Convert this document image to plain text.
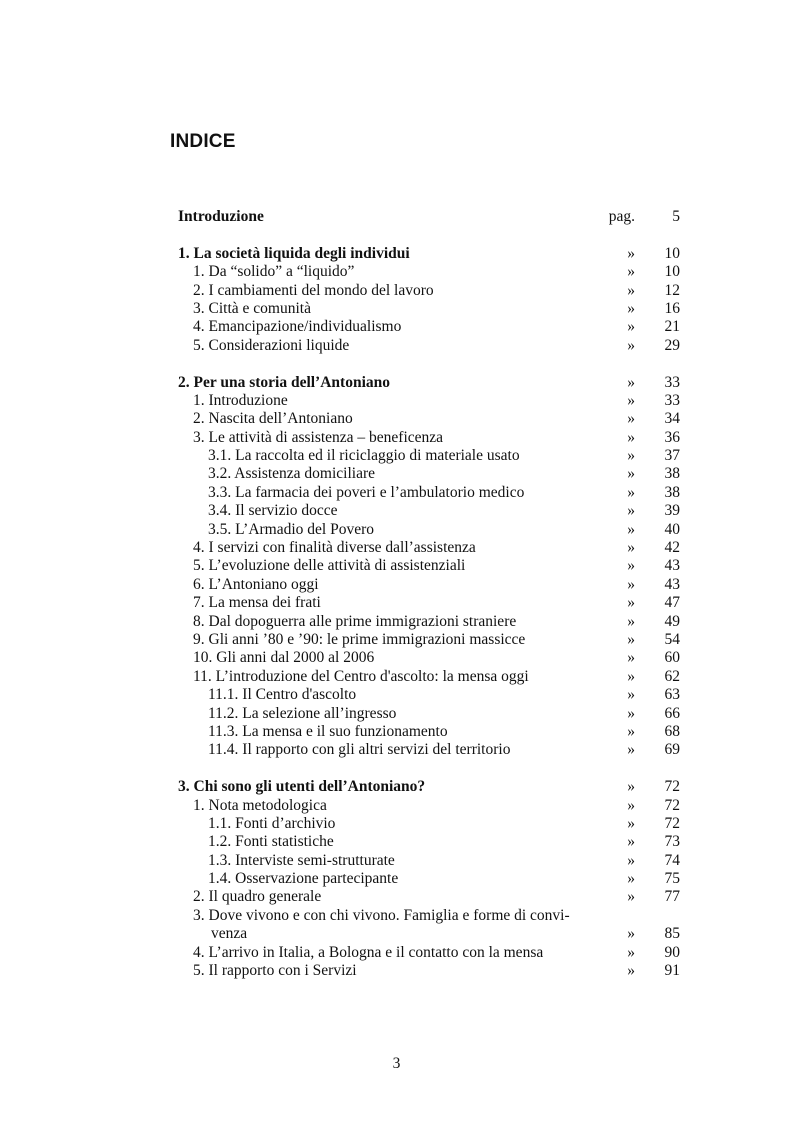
INDICE
Introduzione	pag.	5
1. La società liquida degli individui	»	10
1. Da “solido” a “liquido”	»	10
2. I cambiamenti del mondo del lavoro	»	12
3. Città e comunità	»	16
4. Emancipazione/individualismo	»	21
5. Considerazioni liquide	»	29
2. Per una storia dell’Antoniano	»	33
1. Introduzione	»	33
2. Nascita dell’Antoniano	»	34
3. Le attività di assistenza – beneficenza	»	36
3.1. La raccolta ed il riciclaggio di materiale usato	»	37
3.2. Assistenza domiciliare	»	38
3.3. La farmacia dei poveri e l’ambulatorio medico	»	38
3.4. Il servizio docce	»	39
3.5. L’Armadio del Povero	»	40
4. I servizi con finalità diverse dall’assistenza	»	42
5. L’evoluzione delle attività di assistenziali	»	43
6. L’Antoniano oggi	»	43
7. La mensa dei frati	»	47
8. Dal dopoguerra alle prime immigrazioni straniere	»	49
9. Gli anni ’80 e ’90: le prime immigrazioni massicce	»	54
10. Gli anni dal 2000 al 2006	»	60
11. L’introduzione del Centro d'ascolto: la mensa oggi	»	62
11.1. Il Centro d'ascolto	»	63
11.2. La selezione all’ingresso	»	66
11.3. La mensa e il suo funzionamento	»	68
11.4. Il rapporto con gli altri servizi del territorio	»	69
3. Chi sono gli utenti dell’Antoniano?	»	72
1. Nota metodologica	»	72
1.1. Fonti d’archivio	»	72
1.2. Fonti statistiche	»	73
1.3. Interviste semi-strutturate	»	74
1.4. Osservazione partecipante	»	75
2. Il quadro generale	»	77
3. Dove vivono e con chi vivono. Famiglia e forme di convi-
venza	»	85
4. L’arrivo in Italia, a Bologna e il contatto con la mensa	»	90
5. Il rapporto con i Servizi	»	91
3
